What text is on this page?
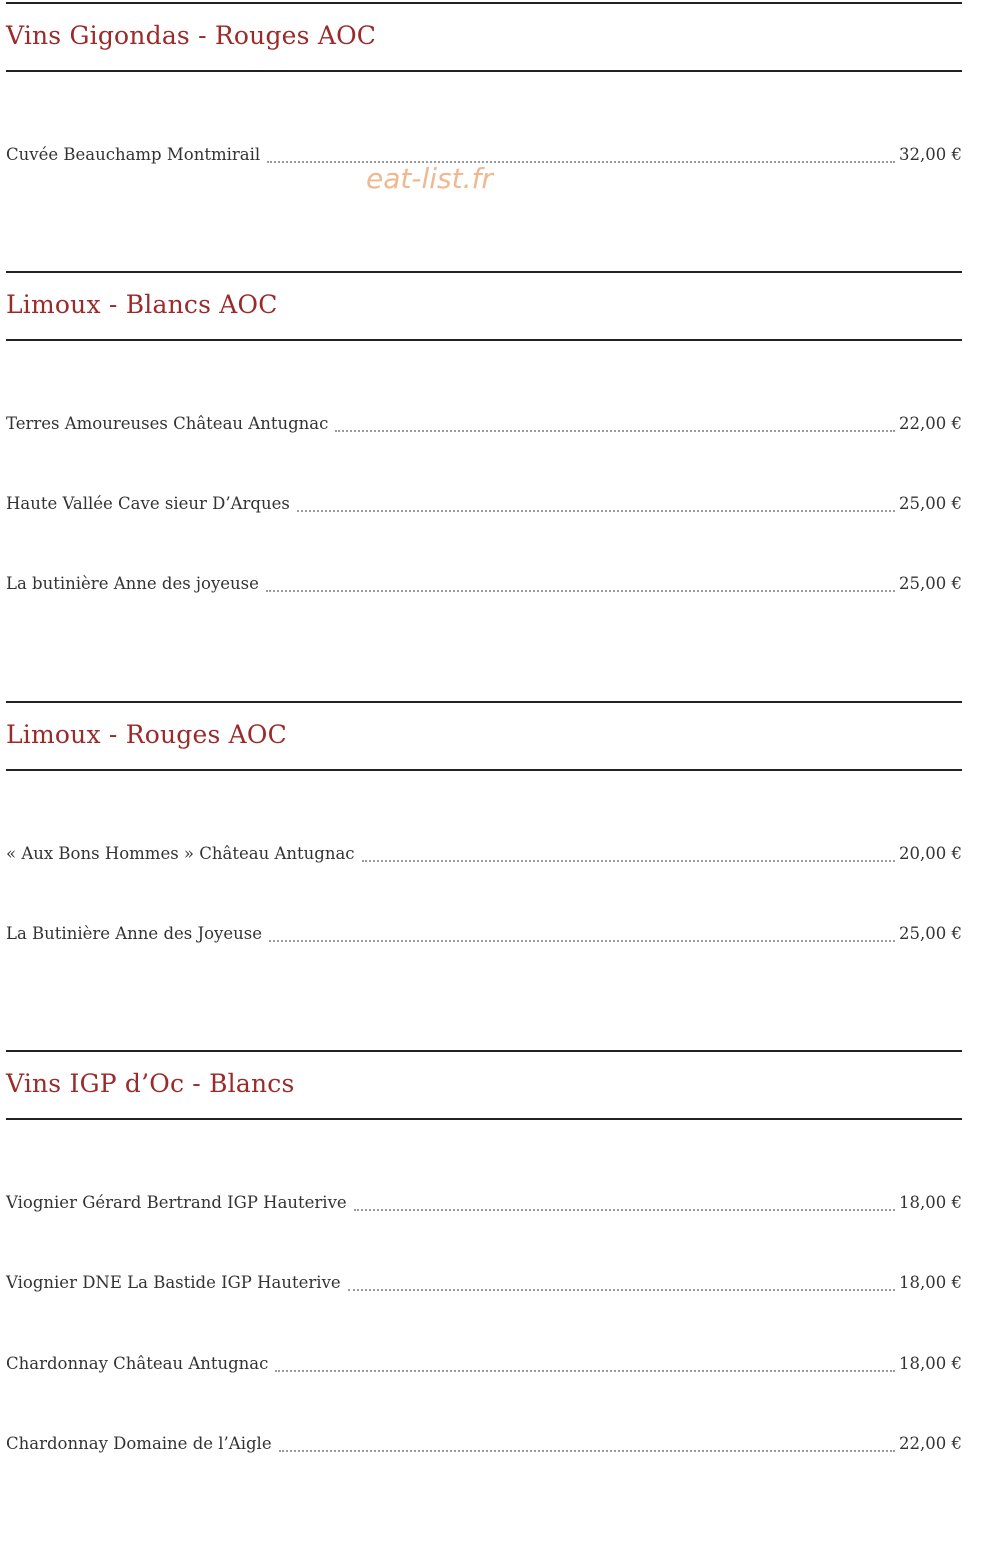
Vins Gigondas - Rouges AOC
Cuvée Beauchamp Montmirail	32,00 €
Limoux - Blancs AOC
Terres Amoureuses Château Antugnac	22,00 €
Haute Vallée Cave sieur D’Arques	25,00 €
La butinière Anne des joyeuse	25,00 €
Limoux - Rouges AOC
« Aux Bons Hommes » Château Antugnac	20,00 €
La Butinière Anne des Joyeuse	25,00 €
Vins IGP d’Oc - Blancs
Viognier Gérard Bertrand IGP Hauterive	18,00 €
Viognier DNE La Bastide IGP Hauterive	18,00 €
Chardonnay Château Antugnac	18,00 €
Chardonnay Domaine de l’Aigle	22,00 €
eat-list.fr
